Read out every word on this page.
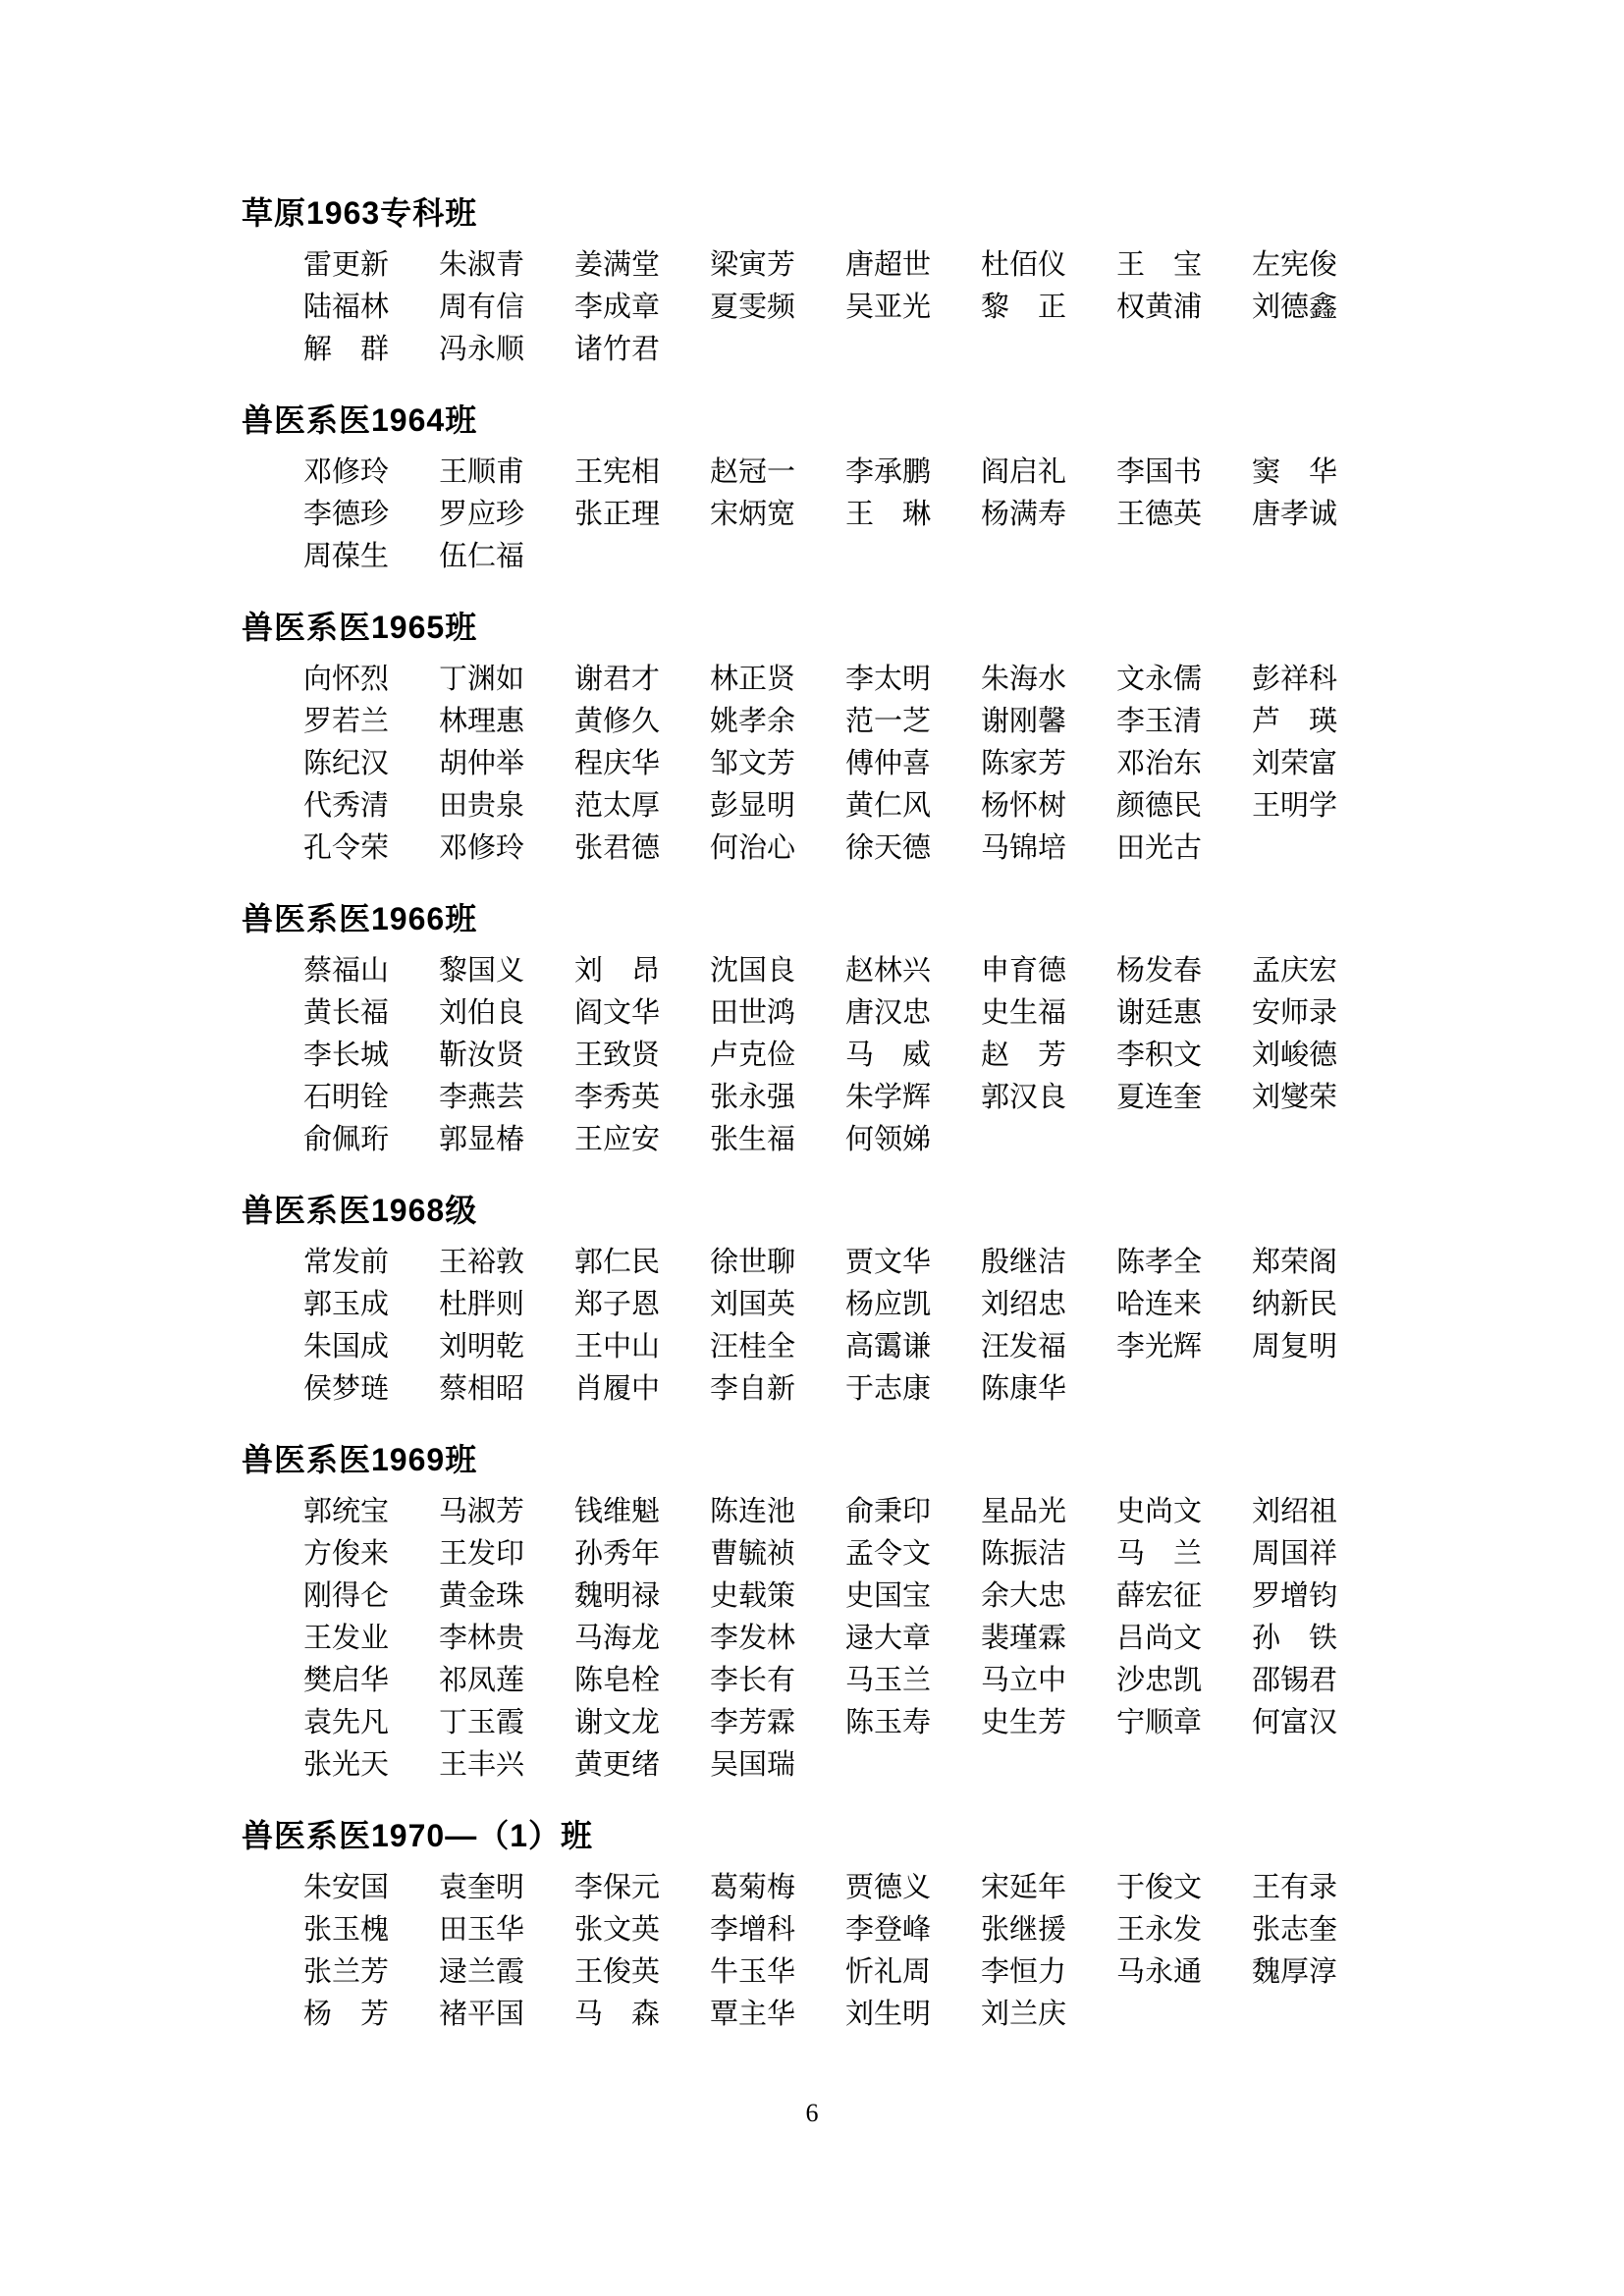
草原1963专科班
雷更新	朱淑青	姜满堂	梁寅芳	唐超世	杜佰仪	王　宝	左宪俊
陆福林	周有信	李成章	夏雯频	吴亚光	黎　正	权黄浦	刘德鑫
解　群	冯永顺	诸竹君
兽医系医1964班
邓修玲	王顺甫	王宪相	赵冠一	李承鹏	阎启礼	李国书	窦　华
李德珍	罗应珍	张正理	宋炳宽	王　琳	杨满寿	王德英	唐孝诚
周葆生	伍仁福
兽医系医1965班
向怀烈	丁渊如	谢君才	林正贤	李太明	朱海水	文永儒	彭祥科
罗若兰	林理惠	黄修久	姚孝余	范一芝	谢刚馨	李玉清	芦　瑛
陈纪汉	胡仲举	程庆华	邹文芳	傅仲喜	陈家芳	邓治东	刘荣富
代秀清	田贵泉	范太厚	彭显明	黄仁风	杨怀树	颜德民	王明学
孔令荣	邓修玲	张君德	何治心	徐天德	马锦培	田光古
兽医系医1966班
蔡福山	黎国义	刘　昂	沈国良	赵林兴	申育德	杨发春	孟庆宏
黄长福	刘伯良	阎文华	田世鸿	唐汉忠	史生福	谢廷惠	安师录
李长城	靳汝贤	王致贤	卢克俭	马　威	赵　芳	李积文	刘峻德
石明铨	李燕芸	李秀英	张永强	朱学辉	郭汉良	夏连奎	刘燮荣
俞佩珩	郭显椿	王应安	张生福	何领娣
兽医系医1968级
常发前	王裕敦	郭仁民	徐世聊	贾文华	殷继洁	陈孝全	郑荣阁
郭玉成	杜胖则	郑子恩	刘国英	杨应凯	刘绍忠	哈连来	纳新民
朱国成	刘明乾	王中山	汪桂全	高霭谦	汪发福	李光辉	周复明
侯梦琏	蔡相昭	肖履中	李自新	于志康	陈康华
兽医系医1969班
郭统宝	马淑芳	钱维魁	陈连池	俞秉印	星品光	史尚文	刘绍祖
方俊来	王发印	孙秀年	曹毓祯	孟令文	陈振洁	马　兰	周国祥
刚得仑	黄金珠	魏明禄	史载策	史国宝	余大忠	薛宏征	罗增钧
王发业	李林贵	马海龙	李发林	逯大章	裴瑾霖	吕尚文	孙　铁
樊启华	祁凤莲	陈皂栓	李长有	马玉兰	马立中	沙忠凯	邵锡君
袁先凡	丁玉霞	谢文龙	李芳霖	陈玉寿	史生芳	宁顺章	何富汉
张光天	王丰兴	黄更绪	吴国瑞
兽医系医1970—（1）班
朱安国	袁奎明	李保元	葛菊梅	贾德义	宋延年	于俊文	王有录
张玉槐	田玉华	张文英	李增科	李登峰	张继援	王永发	张志奎
张兰芳	逯兰霞	王俊英	牛玉华	忻礼周	李恒力	马永通	魏厚淳
杨　芳	褚平国	马　森	覃主华	刘生明	刘兰庆
6
